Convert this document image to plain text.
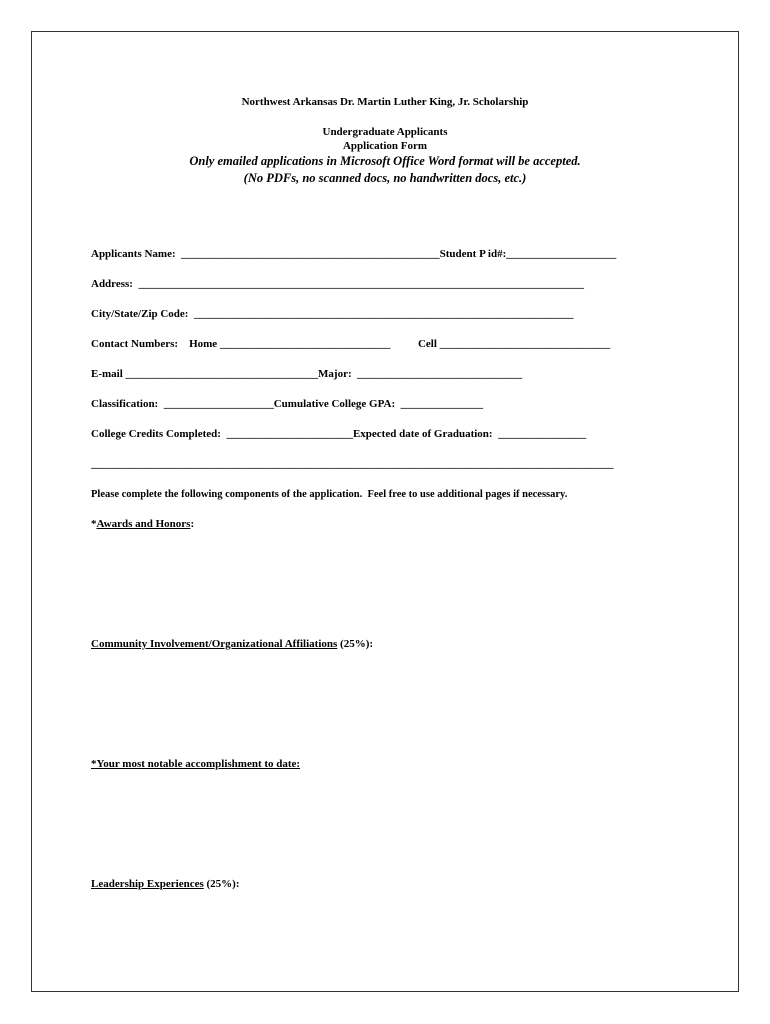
Northwest Arkansas Dr. Martin Luther King, Jr. Scholarship
Undergraduate Applicants
Application Form
Only emailed applications in Microsoft Office Word format will be accepted.
(No PDFs, no scanned docs, no handwritten docs, etc.)
Applicants Name: _______________________________________________Student P id#:____________________
Address: _________________________________________________________________________________
City/State/Zip Code: _____________________________________________________________________
Contact Numbers: Home _______________________________	Cell _______________________________
E-mail ___________________________________Major: ______________________________
Classification: ____________________Cumulative College GPA: _______________
College Credits Completed: _______________________Expected date of Graduation: ________________
_______________________________________________________________________________________________
Please complete the following components of the application.  Feel free to use additional pages if necessary.
*Awards and Honors:
Community Involvement/Organizational Affiliations (25%):
*Your most notable accomplishment to date:
Leadership Experiences (25%):
